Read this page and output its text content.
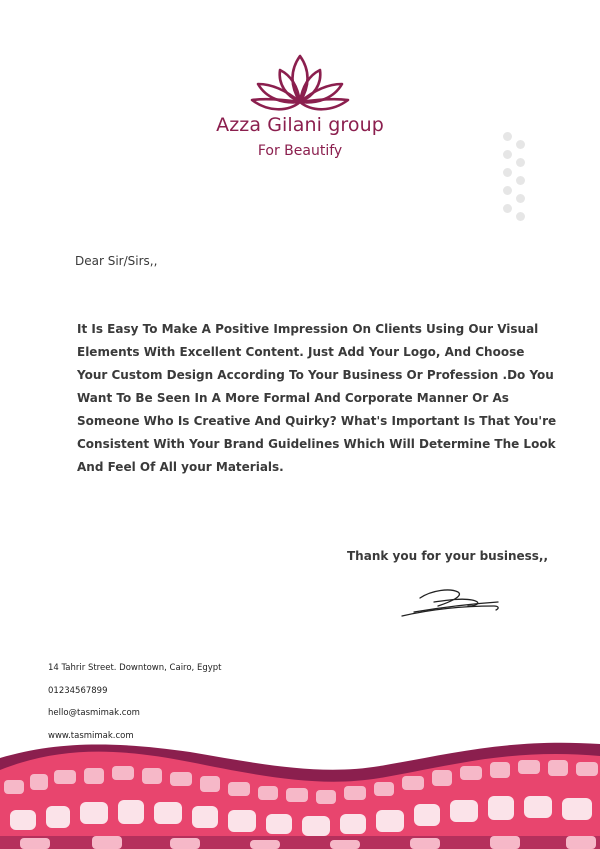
Azza Gilani group
For Beautify
Dear Sir/Sirs,,
It Is Easy To Make A Positive Impression On Clients Using Our Visual Elements With Excellent Content. Just Add Your Logo, And Choose Your Custom Design According To Your Business Or Profession .Do You Want To Be Seen In A More Formal And Corporate Manner Or As Someone Who Is Creative And Quirky? What's Important Is That You're Consistent With Your Brand Guidelines Which Will Determine The Look And Feel Of All your Materials.
Thank you for your business,,
14 Tahrir Street. Downtown, Cairo, Egypt
01234567899
hello@tasmimak.com
www.tasmimak.com
